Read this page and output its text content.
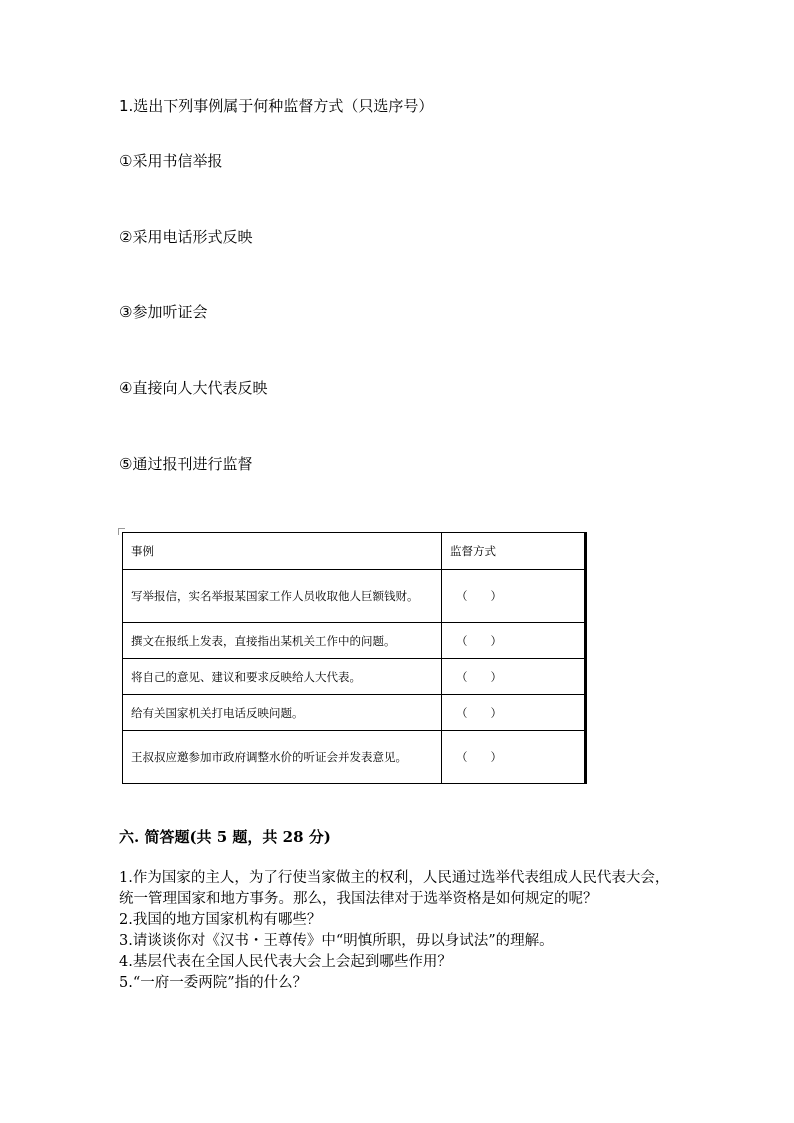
1.选出下列事例属于何种监督方式（只选序号）
①采用书信举报
②采用电话形式反映
③参加听证会
④直接向人大代表反映
⑤通过报刊进行监督
事例	监督方式	
写举报信，实名举报某国家工作人员收取他人巨额钱财。	（　　）	
撰文在报纸上发表，直接指出某机关工作中的问题。	（　　）	
将自己的意见、建议和要求反映给人大代表。	（　　）	
给有关国家机关打电话反映问题。	（　　）	
王叔叔应邀参加市政府调整水价的听证会并发表意见。	（　　）	
六. 简答题(共 5 题，共 28 分)

1.作为国家的主人，为了行使当家做主的权利，人民通过选举代表组成人民代表大会，统一管理国家和地方事务。那么，我国法律对于选举资格是如何规定的呢？

2.我国的地方国家机构有哪些？

3.请谈谈你对《汉书・王尊传》中“明慎所职，毋以身试法”的理解。

4.基层代表在全国人民代表大会上会起到哪些作用？

5.“一府一委两院”指的什么？
